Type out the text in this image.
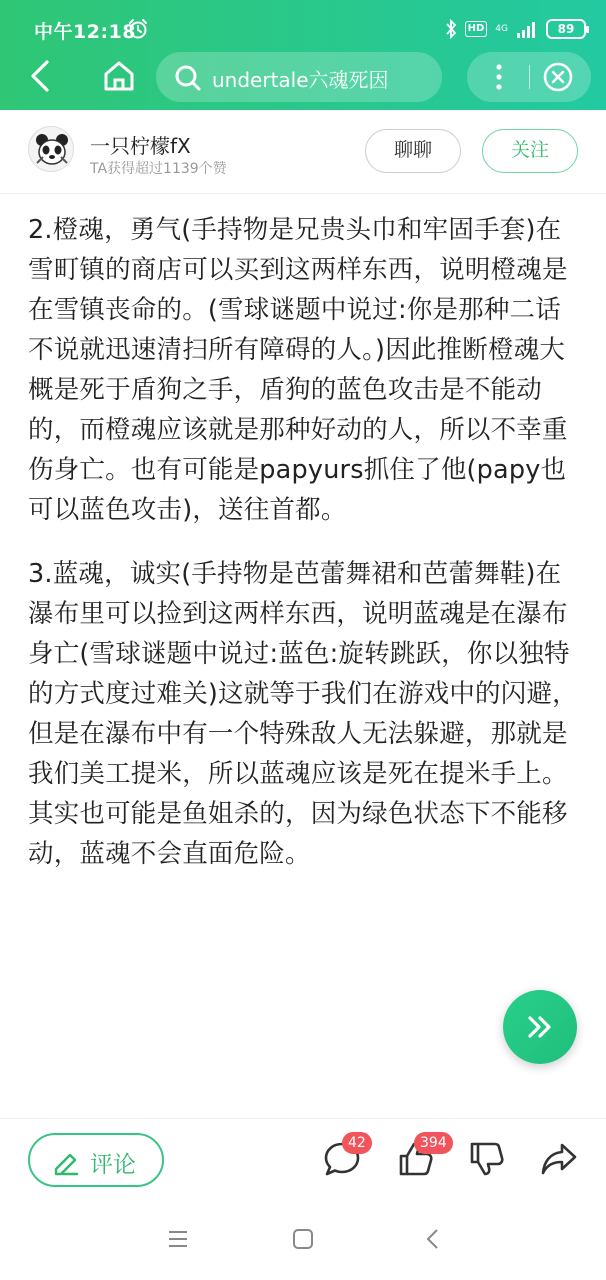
中午12:18	HD	4G	89
undertale六魂死因
一只柠檬fX
TA获得超过1139个赞
聊聊	关注

2.橙魂，勇气(手持物是兄贵头巾和牢固手套)在雪町镇的商店可以买到这两样东西，说明橙魂是在雪镇丧命的。(雪球谜题中说过:你是那种二话不说就迅速清扫所有障碍的人。)因此推断橙魂大概是死于盾狗之手，盾狗的蓝色攻击是不能动的，而橙魂应该就是那种好动的人，所以不幸重伤身亡。也有可能是papyurs抓住了他(papy也可以蓝色攻击)，送往首都。

3.蓝魂，诚实(手持物是芭蕾舞裙和芭蕾舞鞋)在瀑布里可以捡到这两样东西，说明蓝魂是在瀑布身亡(雪球谜题中说过:蓝色:旋转跳跃，你以独特的方式度过难关)这就等于我们在游戏中的闪避，但是在瀑布中有一个特殊敌人无法躲避，那就是我们美工提米，所以蓝魂应该是死在提米手上。其实也可能是鱼姐杀的，因为绿色状态下不能移动，蓝魂不会直面危险。

评论
42	394
